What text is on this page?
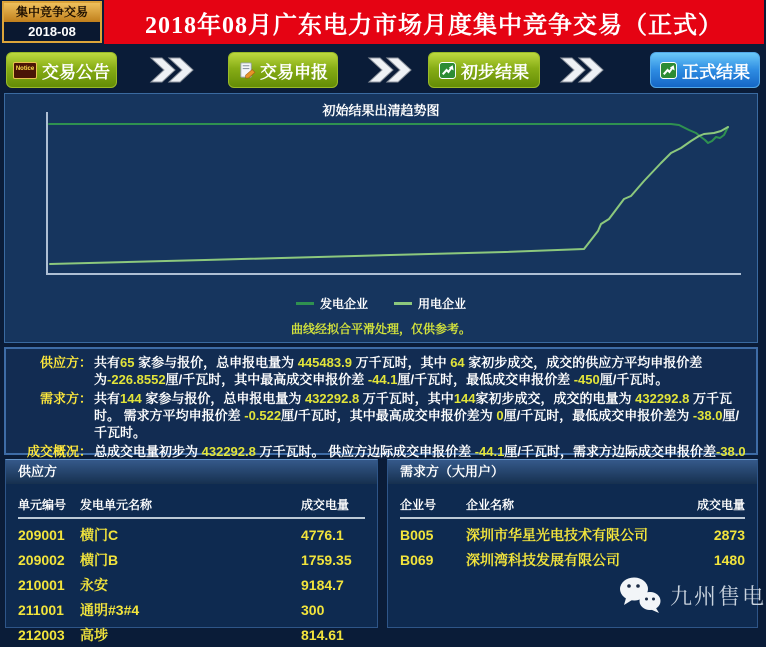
集中竞争交易
2018-08	2018年08月广东电力市场月度集中竞争交易（正式）
Notice 交易公告	交易申报	初步结果	正式结果
初始结果出清趋势图
发电企业	用电企业
曲线经拟合平滑处理，仅供参考。
供应方： 共有65 家参与报价，总申报电量为 445483.9 万千瓦时，其中 64 家初步成交，成交的供应方平均申报价差为-226.8552厘/千瓦时，其中最高成交申报价差 -44.1厘/千瓦时，最低成交申报价差 -450厘/千瓦时。
需求方： 共有144 家参与报价，总申报电量为 432292.8 万千瓦时，其中144家初步成交，成交的电量为 432292.8 万千瓦时。 需求方平均申报价差 -0.522厘/千瓦时，其中最高成交申报价差为 0厘/千瓦时，最低成交申报价差为 -38.0厘/千瓦时。
成交概况： 总成交电量初步为 432292.8 万千瓦时。 供应方边际成交申报价差 -44.1厘/千瓦时，需求方边际成交申报价差-38.0
供应方
单元编号	发电单元名称	成交电量
209001	横门C	4776.1
209002	横门B	1759.35
210001	永安	9184.7
211001	通明#3#4	300
212003	高埗	814.61
需求方（大用户）
企业号	企业名称	成交电量
B005	深圳市华星光电技术有限公司	2873
B069	深圳湾科技发展有限公司	1480
九州售电
